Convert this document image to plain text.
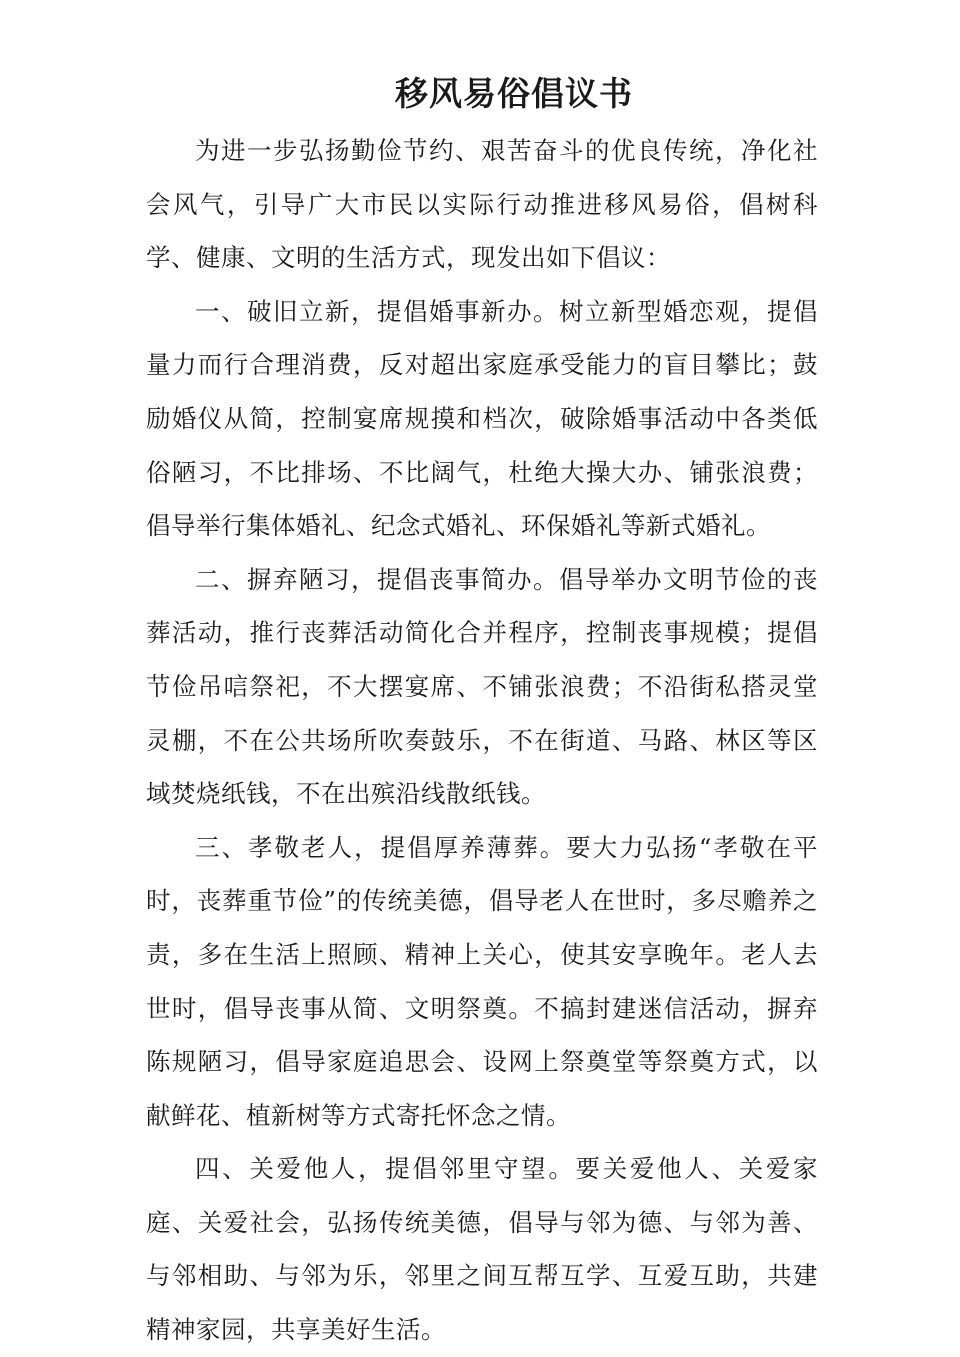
移风易俗倡议书

为进一步弘扬勤俭节约、艰苦奋斗的优良传统，净化社会风气，引导广大市民以实际行动推进移风易俗，倡树科学、健康、文明的生活方式，现发出如下倡议：

一、破旧立新，提倡婚事新办。树立新型婚恋观，提倡量力而行合理消费，反对超出家庭承受能力的盲目攀比；鼓励婚仪从简，控制宴席规摸和档次，破除婚事活动中各类低俗陋习，不比排场、不比阔气，杜绝大操大办、铺张浪费；倡导举行集体婚礼、纪念式婚礼、环保婚礼等新式婚礼。

二、摒弃陋习，提倡丧事简办。倡导举办文明节俭的丧葬活动，推行丧葬活动简化合并程序，控制丧事规模；提倡节俭吊唁祭祀，不大摆宴席、不铺张浪费；不沿街私搭灵堂灵棚，不在公共场所吹奏鼓乐，不在街道、马路、林区等区域焚烧纸钱，不在出殡沿线散纸钱。

三、孝敬老人，提倡厚养薄葬。要大力弘扬“孝敬在平时，丧葬重节俭”的传统美德，倡导老人在世时，多尽赡养之责，多在生活上照顾、精神上关心，使其安享晚年。老人去世时，倡导丧事从简、文明祭奠。不搞封建迷信活动，摒弃陈规陋习，倡导家庭追思会、设网上祭奠堂等祭奠方式，以献鲜花、植新树等方式寄托怀念之情。

四、关爱他人，提倡邻里守望。要关爱他人、关爱家庭、关爱社会，弘扬传统美德，倡导与邻为德、与邻为善、与邻相助、与邻为乐，邻里之间互帮互学、互爱互助，共建精神家园，共享美好生活。
